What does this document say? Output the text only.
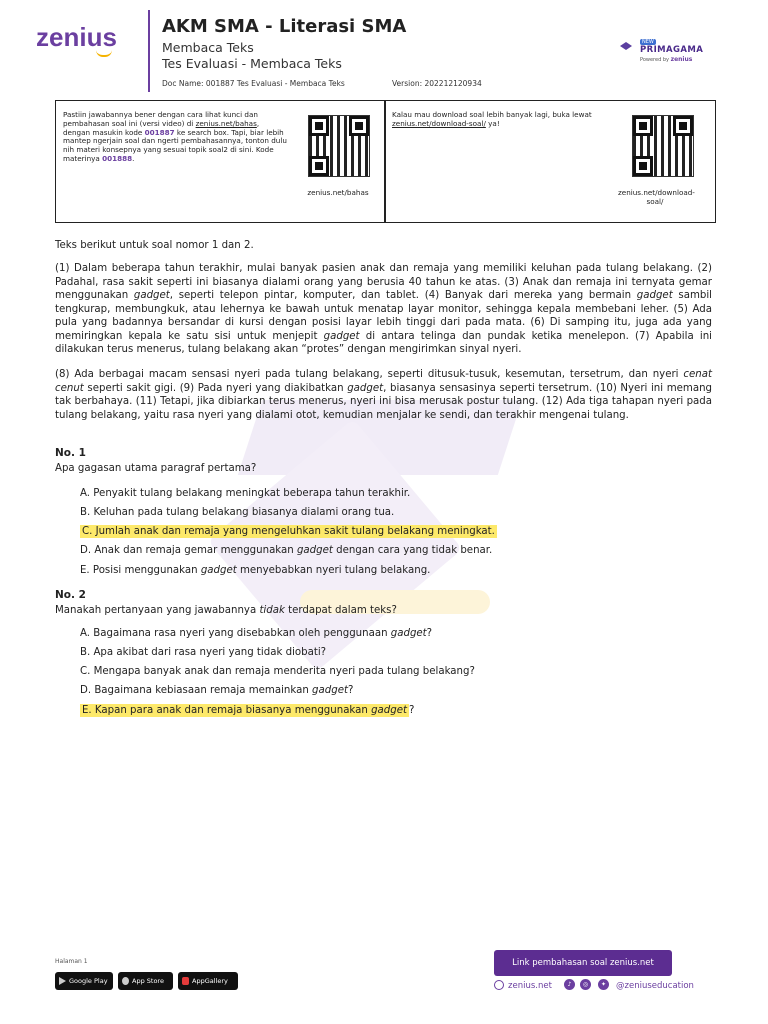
zenius	AKM SMA - Literasi SMA
Membaca Teks
Tes Evaluasi - Membaca Teks
Doc Name: 001887 Tes Evaluasi - Membaca Teks	Version: 202212120934
NEW
PRIMAGAMA
Powered by zenius
Pastiin jawabannya bener dengan cara lihat kunci dan pembahasan soal ini (versi video) di zenius.net/bahas, dengan masukin kode 001887 ke search box. Tapi, biar lebih mantep ngerjain soal dan ngerti pembahasannya, tonton dulu nih materi konsepnya yang sesuai topik soal2 di sini. Kode materinya 001888.
zenius.net/bahas
Kalau mau download soal lebih banyak lagi, buka lewat zenius.net/download-soal/ ya!
zenius.net/download-soal/
Teks berikut untuk soal nomor 1 dan 2.
(1) Dalam beberapa tahun terakhir, mulai banyak pasien anak dan remaja yang memiliki keluhan pada tulang belakang. (2) Padahal, rasa sakit seperti ini biasanya dialami orang yang berusia 40 tahun ke atas. (3) Anak dan remaja ini ternyata gemar menggunakan gadget, seperti telepon pintar, komputer, dan tablet. (4) Banyak dari mereka yang bermain gadget sambil tengkurap, membungkuk, atau lehernya ke bawah untuk menatap layar monitor, sehingga kepala membebani leher. (5) Ada pula yang badannya bersandar di kursi dengan posisi layar lebih tinggi dari pada mata. (6) Di samping itu, juga ada yang memiringkan kepala ke satu sisi untuk menjepit gadget di antara telinga dan pundak ketika menelepon. (7) Apabila ini dilakukan terus menerus, tulang belakang akan “protes” dengan mengirimkan sinyal nyeri.
(8) Ada berbagai macam sensasi nyeri pada tulang belakang, seperti ditusuk-tusuk, kesemutan, tersetrum, dan nyeri cenat cenut seperti sakit gigi. (9) Pada nyeri yang diakibatkan gadget, biasanya sensasinya seperti tersetrum. (10) Nyeri ini memang tak berbahaya. (11) Tetapi, jika dibiarkan terus menerus, nyeri ini bisa merusak postur tulang. (12) Ada tiga tahapan nyeri pada tulang belakang, yaitu rasa nyeri yang dialami otot, kemudian menjalar ke sendi, dan terakhir mengenai tulang.
No. 1
Apa gagasan utama paragraf pertama?
A. Penyakit tulang belakang meningkat beberapa tahun terakhir.
B. Keluhan pada tulang belakang biasanya dialami orang tua.
C. Jumlah anak dan remaja yang mengeluhkan sakit tulang belakang meningkat.
D. Anak dan remaja gemar menggunakan gadget dengan cara yang tidak benar.
E. Posisi menggunakan gadget menyebabkan nyeri tulang belakang.
No. 2
Manakah pertanyaan yang jawabannya tidak terdapat dalam teks?
A. Bagaimana rasa nyeri yang disebabkan oleh penggunaan gadget?
B. Apa akibat dari rasa nyeri yang tidak diobati?
C. Mengapa banyak anak dan remaja menderita nyeri pada tulang belakang?
D. Bagaimana kebiasaan remaja memainkan gadget?
E. Kapan para anak dan remaja biasanya menggunakan gadget ?
Halaman 1
Google Play	App Store	AppGallery
Link pembahasan soal zenius.net
zenius.net	♪	◎	✦	@zeniuseducation
